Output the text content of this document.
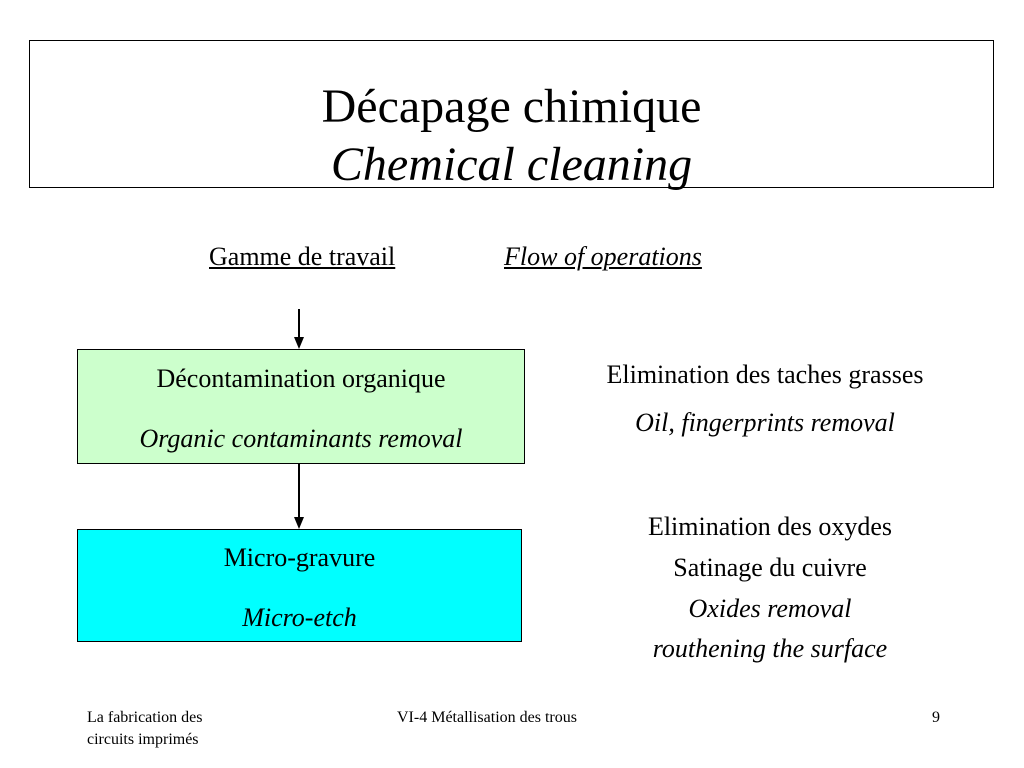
Décapage chimique
Chemical cleaning
Gamme de travail	Flow of operations
Décontamination organique
Organic contaminants removal
Micro-gravure
Micro-etch
Elimination des taches grasses
Oil, fingerprints removal
Elimination des oxydes
Satinage du cuivre
Oxides removal
routhening the surface
La fabrication des
circuits imprimés
VI-4 Métallisation des trous	9
